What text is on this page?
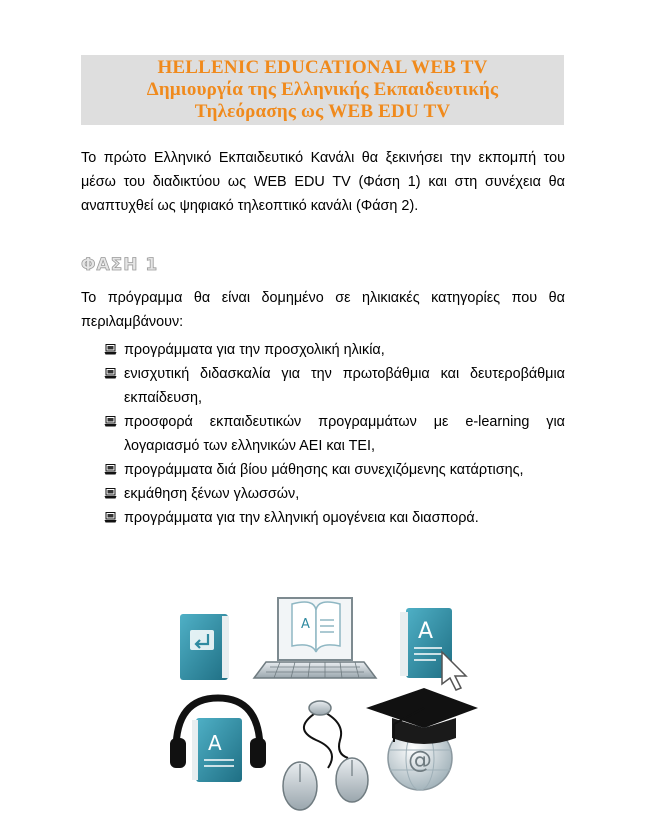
HELLENIC EDUCATIONAL WEB TV
Δημιουργία της Ελληνικής Εκπαιδευτικής
Τηλεόρασης ως WEB EDU TV
Το πρώτο Ελληνικό Εκπαιδευτικό Κανάλι θα ξεκινήσει την εκπομπή του
μέσω του διαδικτύου ως WEB EDU TV (Φάση 1) και στη συνέχεια θα
αναπτυχθεί ως ψηφιακό τηλεοπτικό κανάλι (Φάση 2).
ΦΑΣΗ 1
Το πρόγραμμα θα είναι δομημένο σε ηλικιακές κατηγορίες που θα
περιλαμβάνουν:
προγράμματα για την προσχολική ηλικία,
ενισχυτική διδασκαλία για την πρωτοβάθμια και δευτεροβάθμια
εκπαίδευση,
προσφορά εκπαιδευτικών προγραμμάτων με e-learning για
λογαριασμό των ελληνικών ΑΕΙ και ΤΕΙ,
προγράμματα διά βίου μάθησης και συνεχιζόμενης κατάρτισης,
εκμάθηση ξένων γλωσσών,
προγράμματα για την ελληνική ομογένεια και διασπορά.
A	A
A
@
